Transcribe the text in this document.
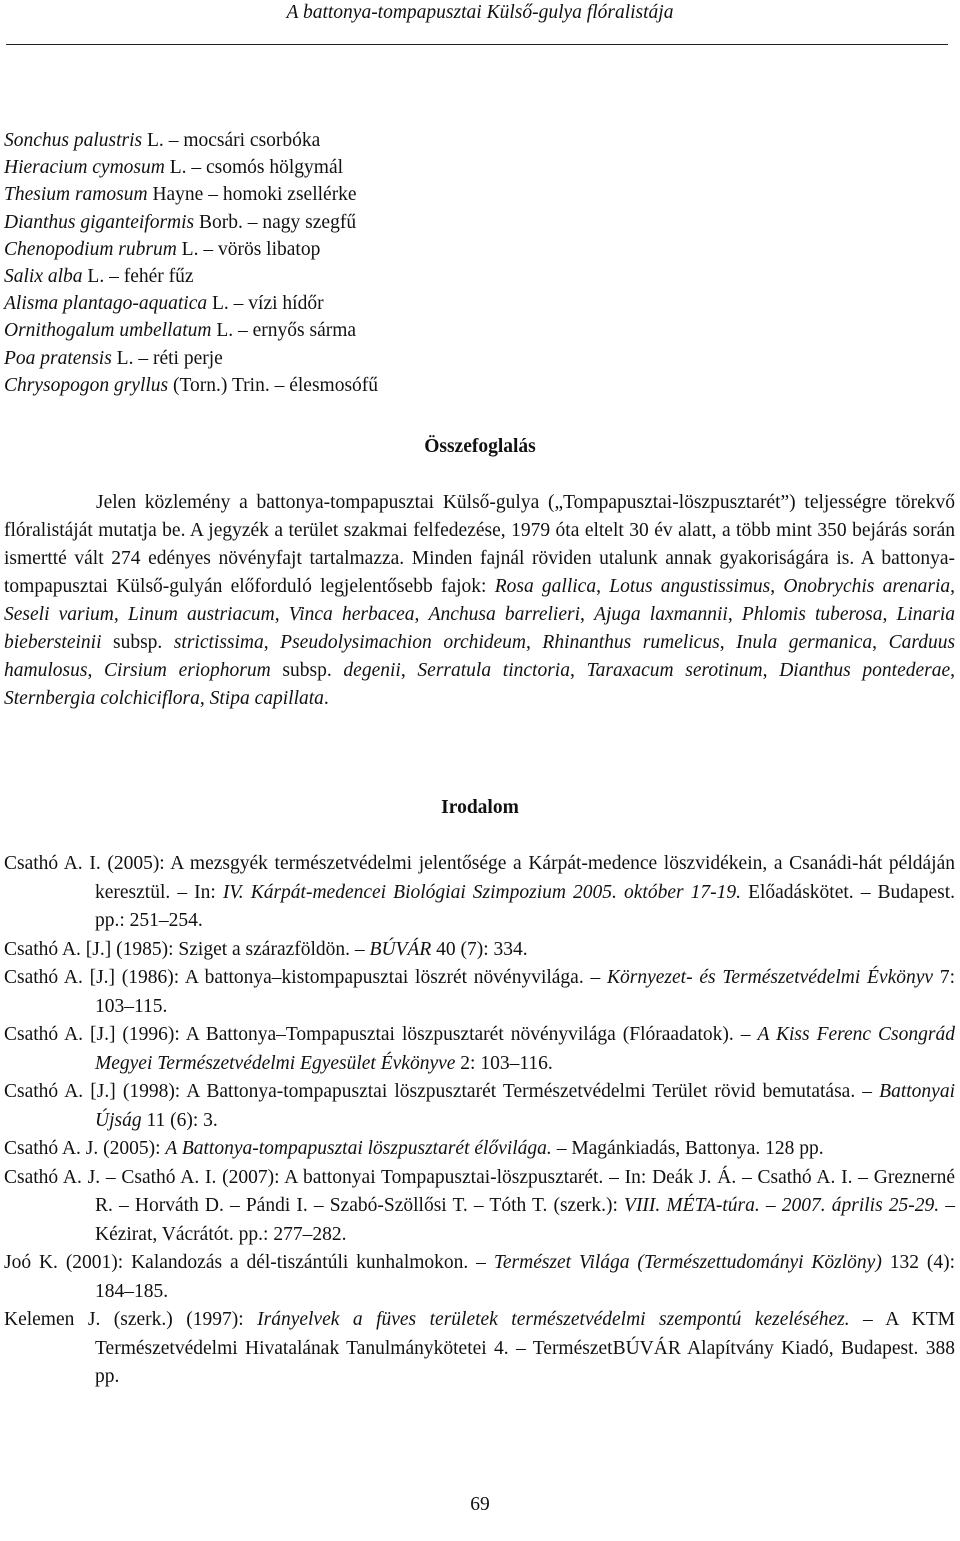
A battonya-tompapusztai Külső-gulya flóralistája
Sonchus palustris L. – mocsári csorbóka
Hieracium cymosum L. – csomós hölgymál
Thesium ramosum Hayne – homoki zsellérke
Dianthus giganteiformis Borb. – nagy szegfű
Chenopodium rubrum L. – vörös libatop
Salix alba L. – fehér fűz
Alisma plantago-aquatica L. – vízi hídőr
Ornithogalum umbellatum L. – ernyős sárma
Poa pratensis L. – réti perje
Chrysopogon gryllus (Torn.) Trin. – élesmosófű
Összefoglalás

Jelen közlemény a battonya-tompapusztai Külső-gulya („Tompapusztai-löszpusztarét”) teljességre törekvő flóralistáját mutatja be. A jegyzék a terület szakmai felfedezése, 1979 óta eltelt 30 év alatt, a több mint 350 bejárás során ismertté vált 274 edényes növényfajt tartalmazza. Minden fajnál röviden utalunk annak gyakoriságára is. A battonya-tompapusztai Külső-gulyán előforduló legjelentősebb fajok: Rosa gallica, Lotus angustissimus, Onobrychis arenaria, Seseli varium, Linum austriacum, Vinca herbacea, Anchusa barrelieri, Ajuga laxmannii, Phlomis tuberosa, Linaria biebersteinii subsp. strictissima, Pseudolysimachion orchideum, Rhinanthus rumelicus, Inula germanica, Carduus hamulosus, Cirsium eriophorum subsp. degenii, Serratula tinctoria, Taraxacum serotinum, Dianthus pontederae, Sternbergia colchiciflora, Stipa capillata.

Irodalom

Csathó A. I. (2005): A mezsgyék természetvédelmi jelentősége a Kárpát-medence löszvidékein, a Csanádi-hát példáján keresztül. – In: IV. Kárpát-medencei Biológiai Szimpozium 2005. október 17-19. Előadáskötet. – Budapest. pp.: 251–254.

Csathó A. [J.] (1985): Sziget a szárazföldön. – BÚVÁR 40 (7): 334.

Csathó A. [J.] (1986): A battonya–kistompapusztai löszrét növényvilága. – Környezet- és Természetvédelmi Évkönyv 7: 103–115.

Csathó A. [J.] (1996): A Battonya–Tompapusztai löszpusztarét növényvilága (Flóraadatok). – A Kiss Ferenc Csongrád Megyei Természetvédelmi Egyesület Évkönyve 2: 103–116.

Csathó A. [J.] (1998): A Battonya-tompapusztai löszpusztarét Természetvédelmi Terület rövid bemutatása. – Battonyai Újság 11 (6): 3.

Csathó A. J. (2005): A Battonya-tompapusztai löszpusztarét élővilága. – Magánkiadás, Battonya. 128 pp.

Csathó A. J. – Csathó A. I. (2007): A battonyai Tompapusztai-löszpusztarét. – In: Deák J. Á. – Csathó A. I. – Greznerné R. – Horváth D. – Pándi I. – Szabó-Szöllősi T. – Tóth T. (szerk.): VIII. MÉTA-túra. – 2007. április 25-29. – Kézirat, Vácrátót. pp.: 277–282.

Joó K. (2001): Kalandozás a dél-tiszántúli kunhalmokon. – Természet Világa (Természettudományi Közlöny) 132 (4): 184–185.

Kelemen J. (szerk.) (1997): Irányelvek a füves területek természetvédelmi szempontú kezeléséhez. – A KTM Természetvédelmi Hivatalának Tanulmánykötetei 4. – TermészetBÚVÁR Alapítvány Kiadó, Budapest. 388 pp.

69
